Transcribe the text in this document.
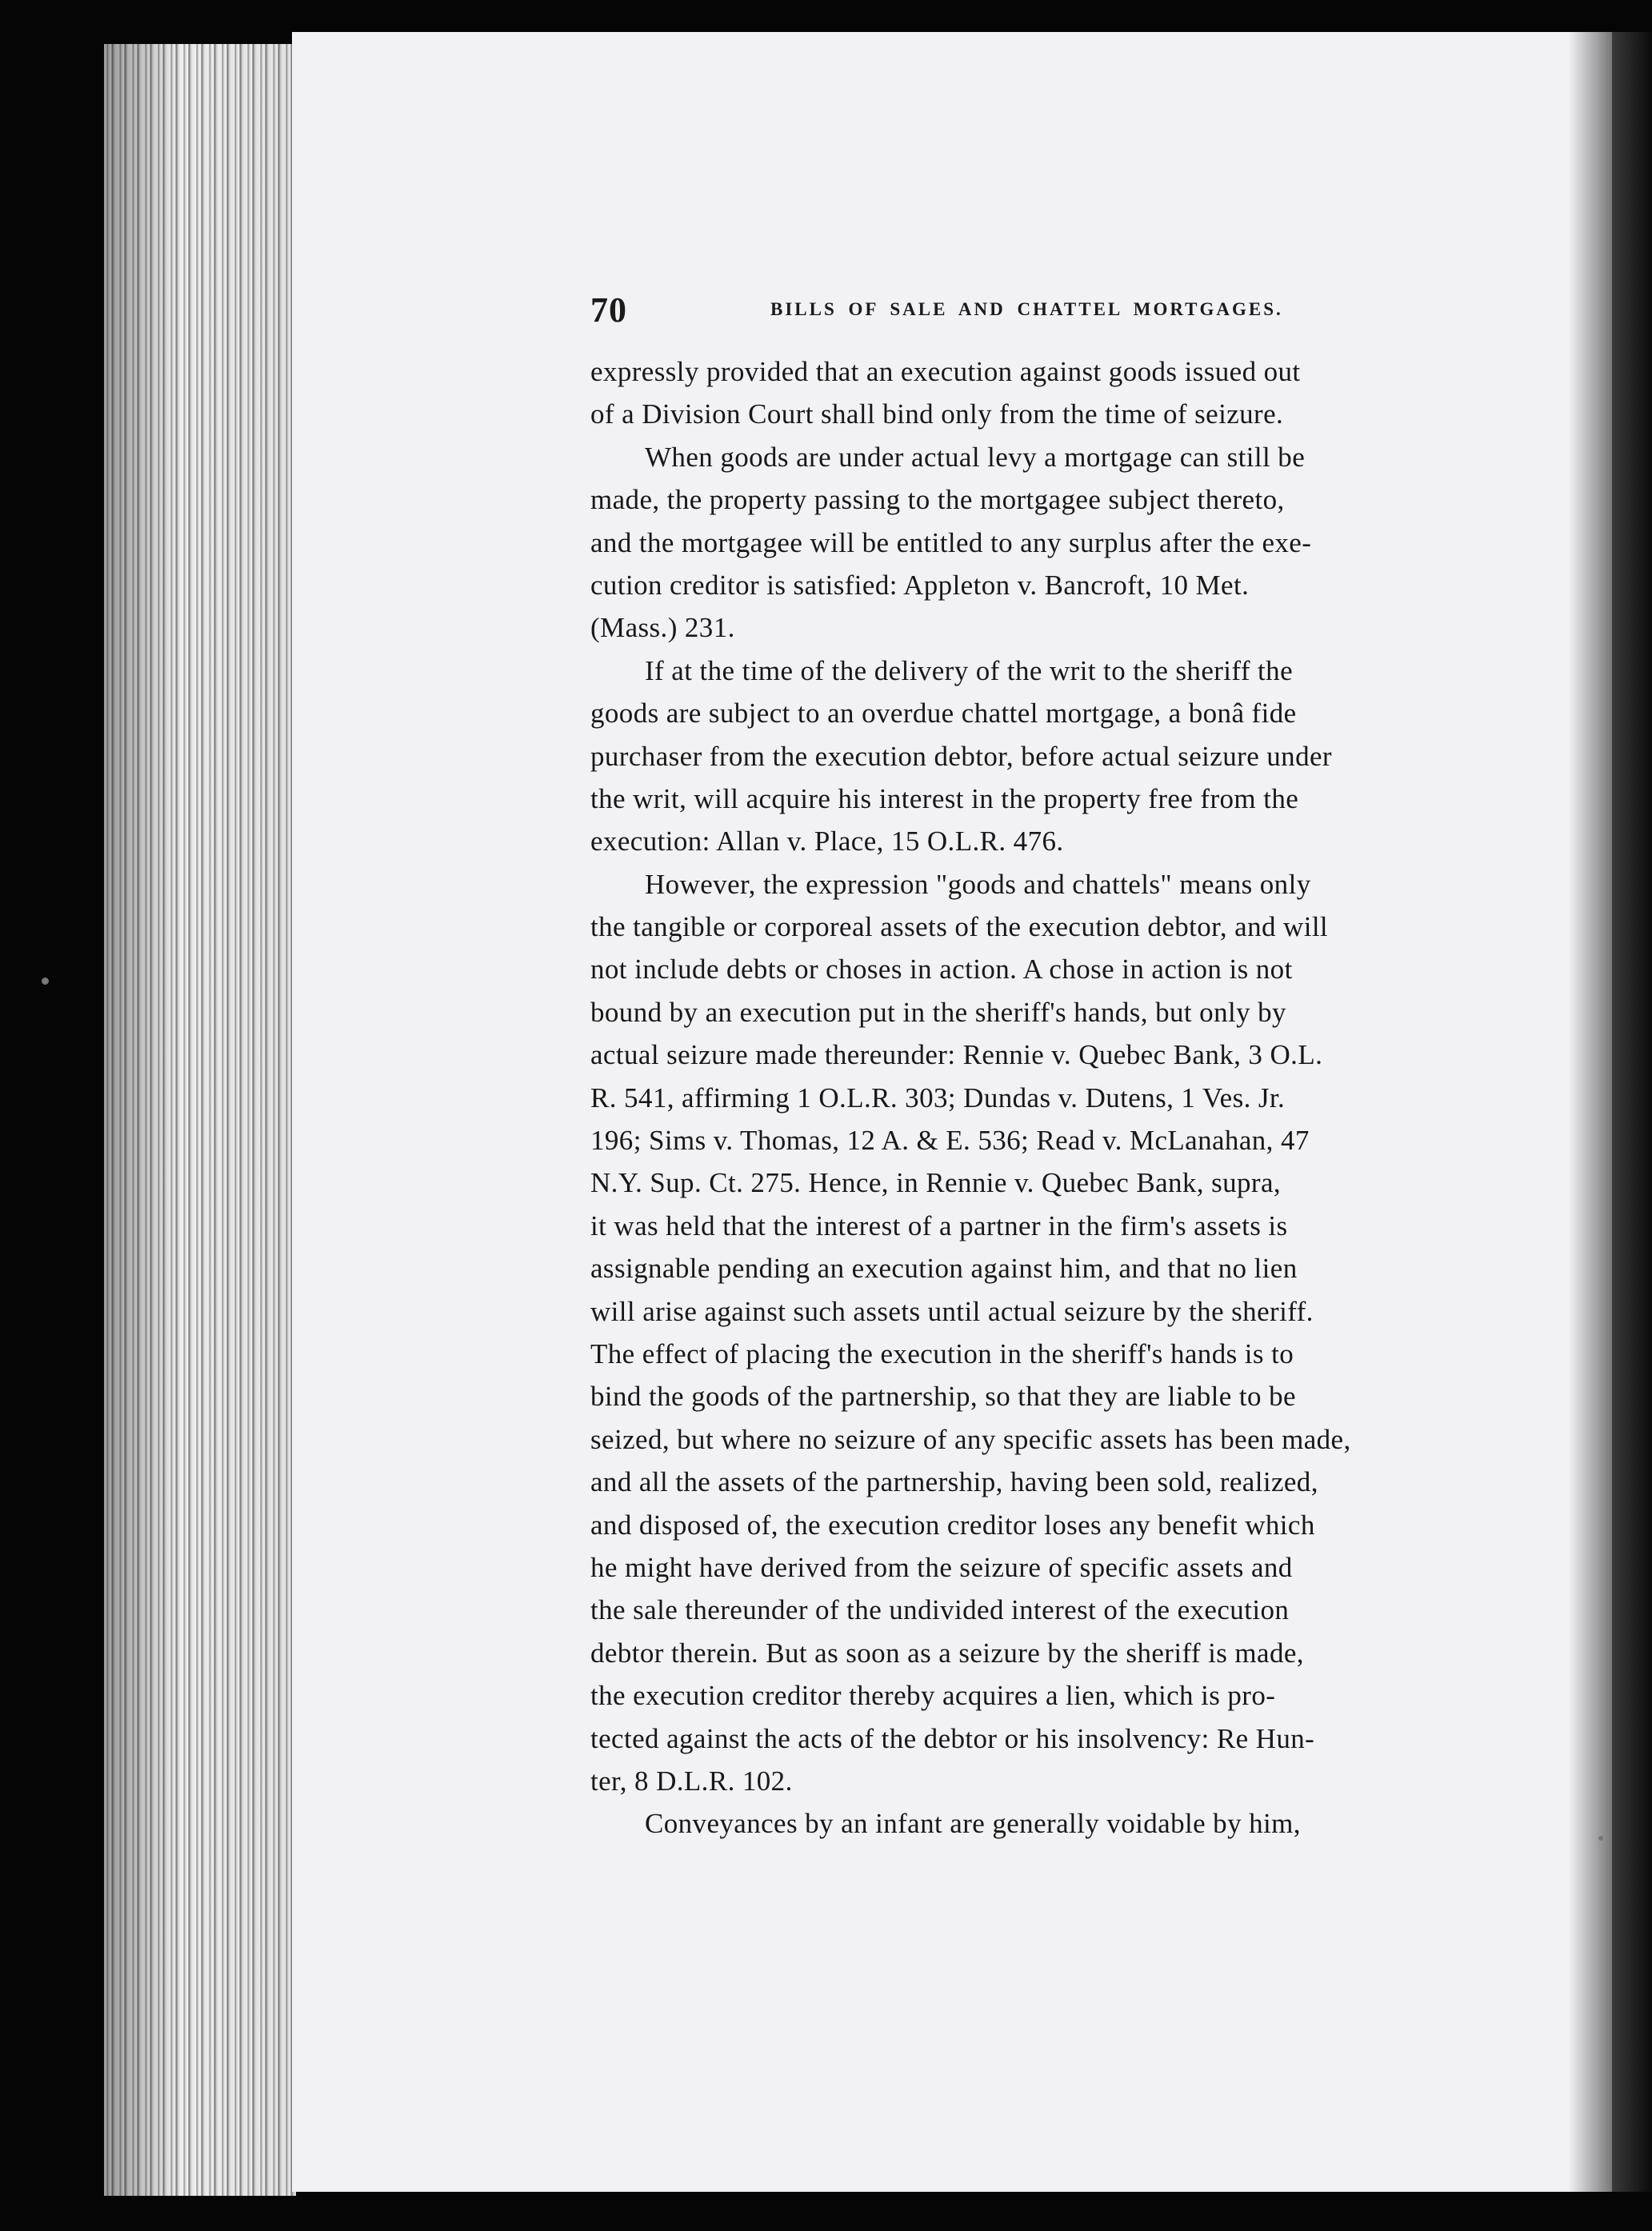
70	BILLS OF SALE AND CHATTEL MORTGAGES.
expressly provided that an execution against goods issued out
of a Division Court shall bind only from the time of seizure.
When goods are under actual levy a mortgage can still be
made, the property passing to the mortgagee subject thereto,
and the mortgagee will be entitled to any surplus after the exe-
cution creditor is satisfied: Appleton v. Bancroft, 10 Met.
(Mass.) 231.
If at the time of the delivery of the writ to the sheriff the
goods are subject to an overdue chattel mortgage, a bonâ fide
purchaser from the execution debtor, before actual seizure under
the writ, will acquire his interest in the property free from the
execution: Allan v. Place, 15 O.L.R. 476.
However, the expression "goods and chattels" means only
the tangible or corporeal assets of the execution debtor, and will
not include debts or choses in action. A chose in action is not
bound by an execution put in the sheriff's hands, but only by
actual seizure made thereunder: Rennie v. Quebec Bank, 3 O.L.
R. 541, affirming 1 O.L.R. 303; Dundas v. Dutens, 1 Ves. Jr.
196; Sims v. Thomas, 12 A. & E. 536; Read v. McLanahan, 47
N.Y. Sup. Ct. 275. Hence, in Rennie v. Quebec Bank, supra,
it was held that the interest of a partner in the firm's assets is
assignable pending an execution against him, and that no lien
will arise against such assets until actual seizure by the sheriff.
The effect of placing the execution in the sheriff's hands is to
bind the goods of the partnership, so that they are liable to be
seized, but where no seizure of any specific assets has been made,
and all the assets of the partnership, having been sold, realized,
and disposed of, the execution creditor loses any benefit which
he might have derived from the seizure of specific assets and
the sale thereunder of the undivided interest of the execution
debtor therein. But as soon as a seizure by the sheriff is made,
the execution creditor thereby acquires a lien, which is pro-
tected against the acts of the debtor or his insolvency: Re Hun-
ter, 8 D.L.R. 102.
Conveyances by an infant are generally voidable by him,
